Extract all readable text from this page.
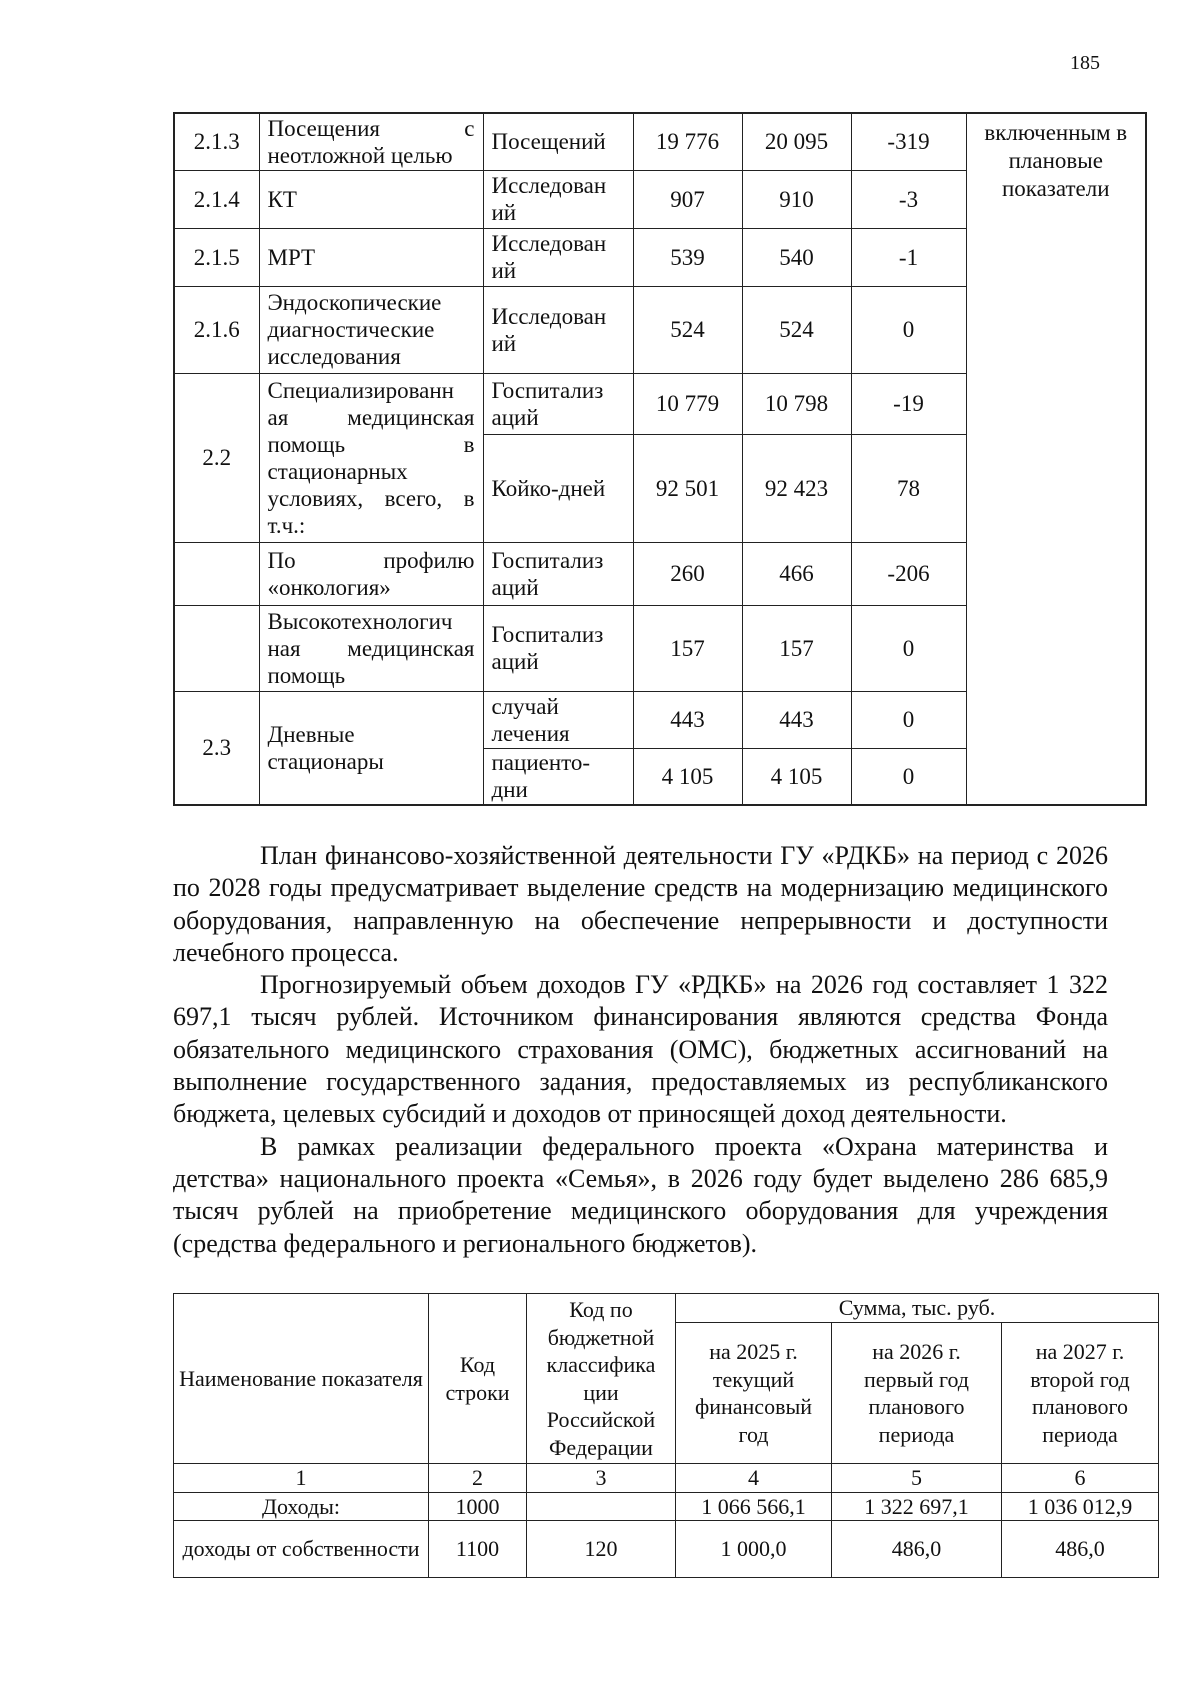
185
2.1.3	Посещения с неотложной целью	Посещений	19 776	20 095	-319	включенным в плановые показатели
2.1.4	КТ	Исследован ий	907	910	-3	
2.1.5	МРТ	Исследован ий	539	540	-1	
2.1.6	Эндоскопические диагностические исследования	Исследован ий	524	524	0	
2.2	Специализированн ая медицинская помощь в стационарных условиях, всего, в т.ч.:	Госпитализ аций	10 779	10 798	-19	
		Койко-дней	92 501	92 423	78	
	По профилю «онкология»	Госпитализ аций	260	466	-206	
	Высокотехнологич ная медицинская помощь	Госпитализ аций	157	157	0	
2.3	Дневные стационары	случай лечения	443	443	0	
		пациенто- дни	4 105	4 105	0	

План финансово-хозяйственной деятельности ГУ «РДКБ» на период с 2026 по 2028 годы предусматривает выделение средств на модернизацию медицинского оборудования, направленную на обеспечение непрерывности и доступности лечебного процесса.

Прогнозируемый объем доходов ГУ «РДКБ» на 2026 год составляет 1 322 697,1 тысяч рублей. Источником финансирования являются средства Фонда обязательного медицинского страхования (ОМС), бюджетных ассигнований на выполнение государственного задания, предоставляемых из республиканского бюджета, целевых субсидий и доходов от приносящей доход деятельности.

В рамках реализации федерального проекта «Охрана материнства и детства» национального проекта «Семья», в 2026 году будет выделено 286 685,9 тысяч рублей на приобретение медицинского оборудования для учреждения (средства федерального и регионального бюджетов).

Наименование показателя	Код строки	Код по бюджетной классифика ции Российской Федерации	Сумма, тыс. руб.		
			на 2025 г. текущий финансовый год	на 2026 г. первый год планового периода	на 2027 г. второй год планового периода
1	2	3	4	5	6
Доходы:	1000		1 066 566,1	1 322 697,1	1 036 012,9
доходы от собственности	1100	120	1 000,0	486,0	486,0
